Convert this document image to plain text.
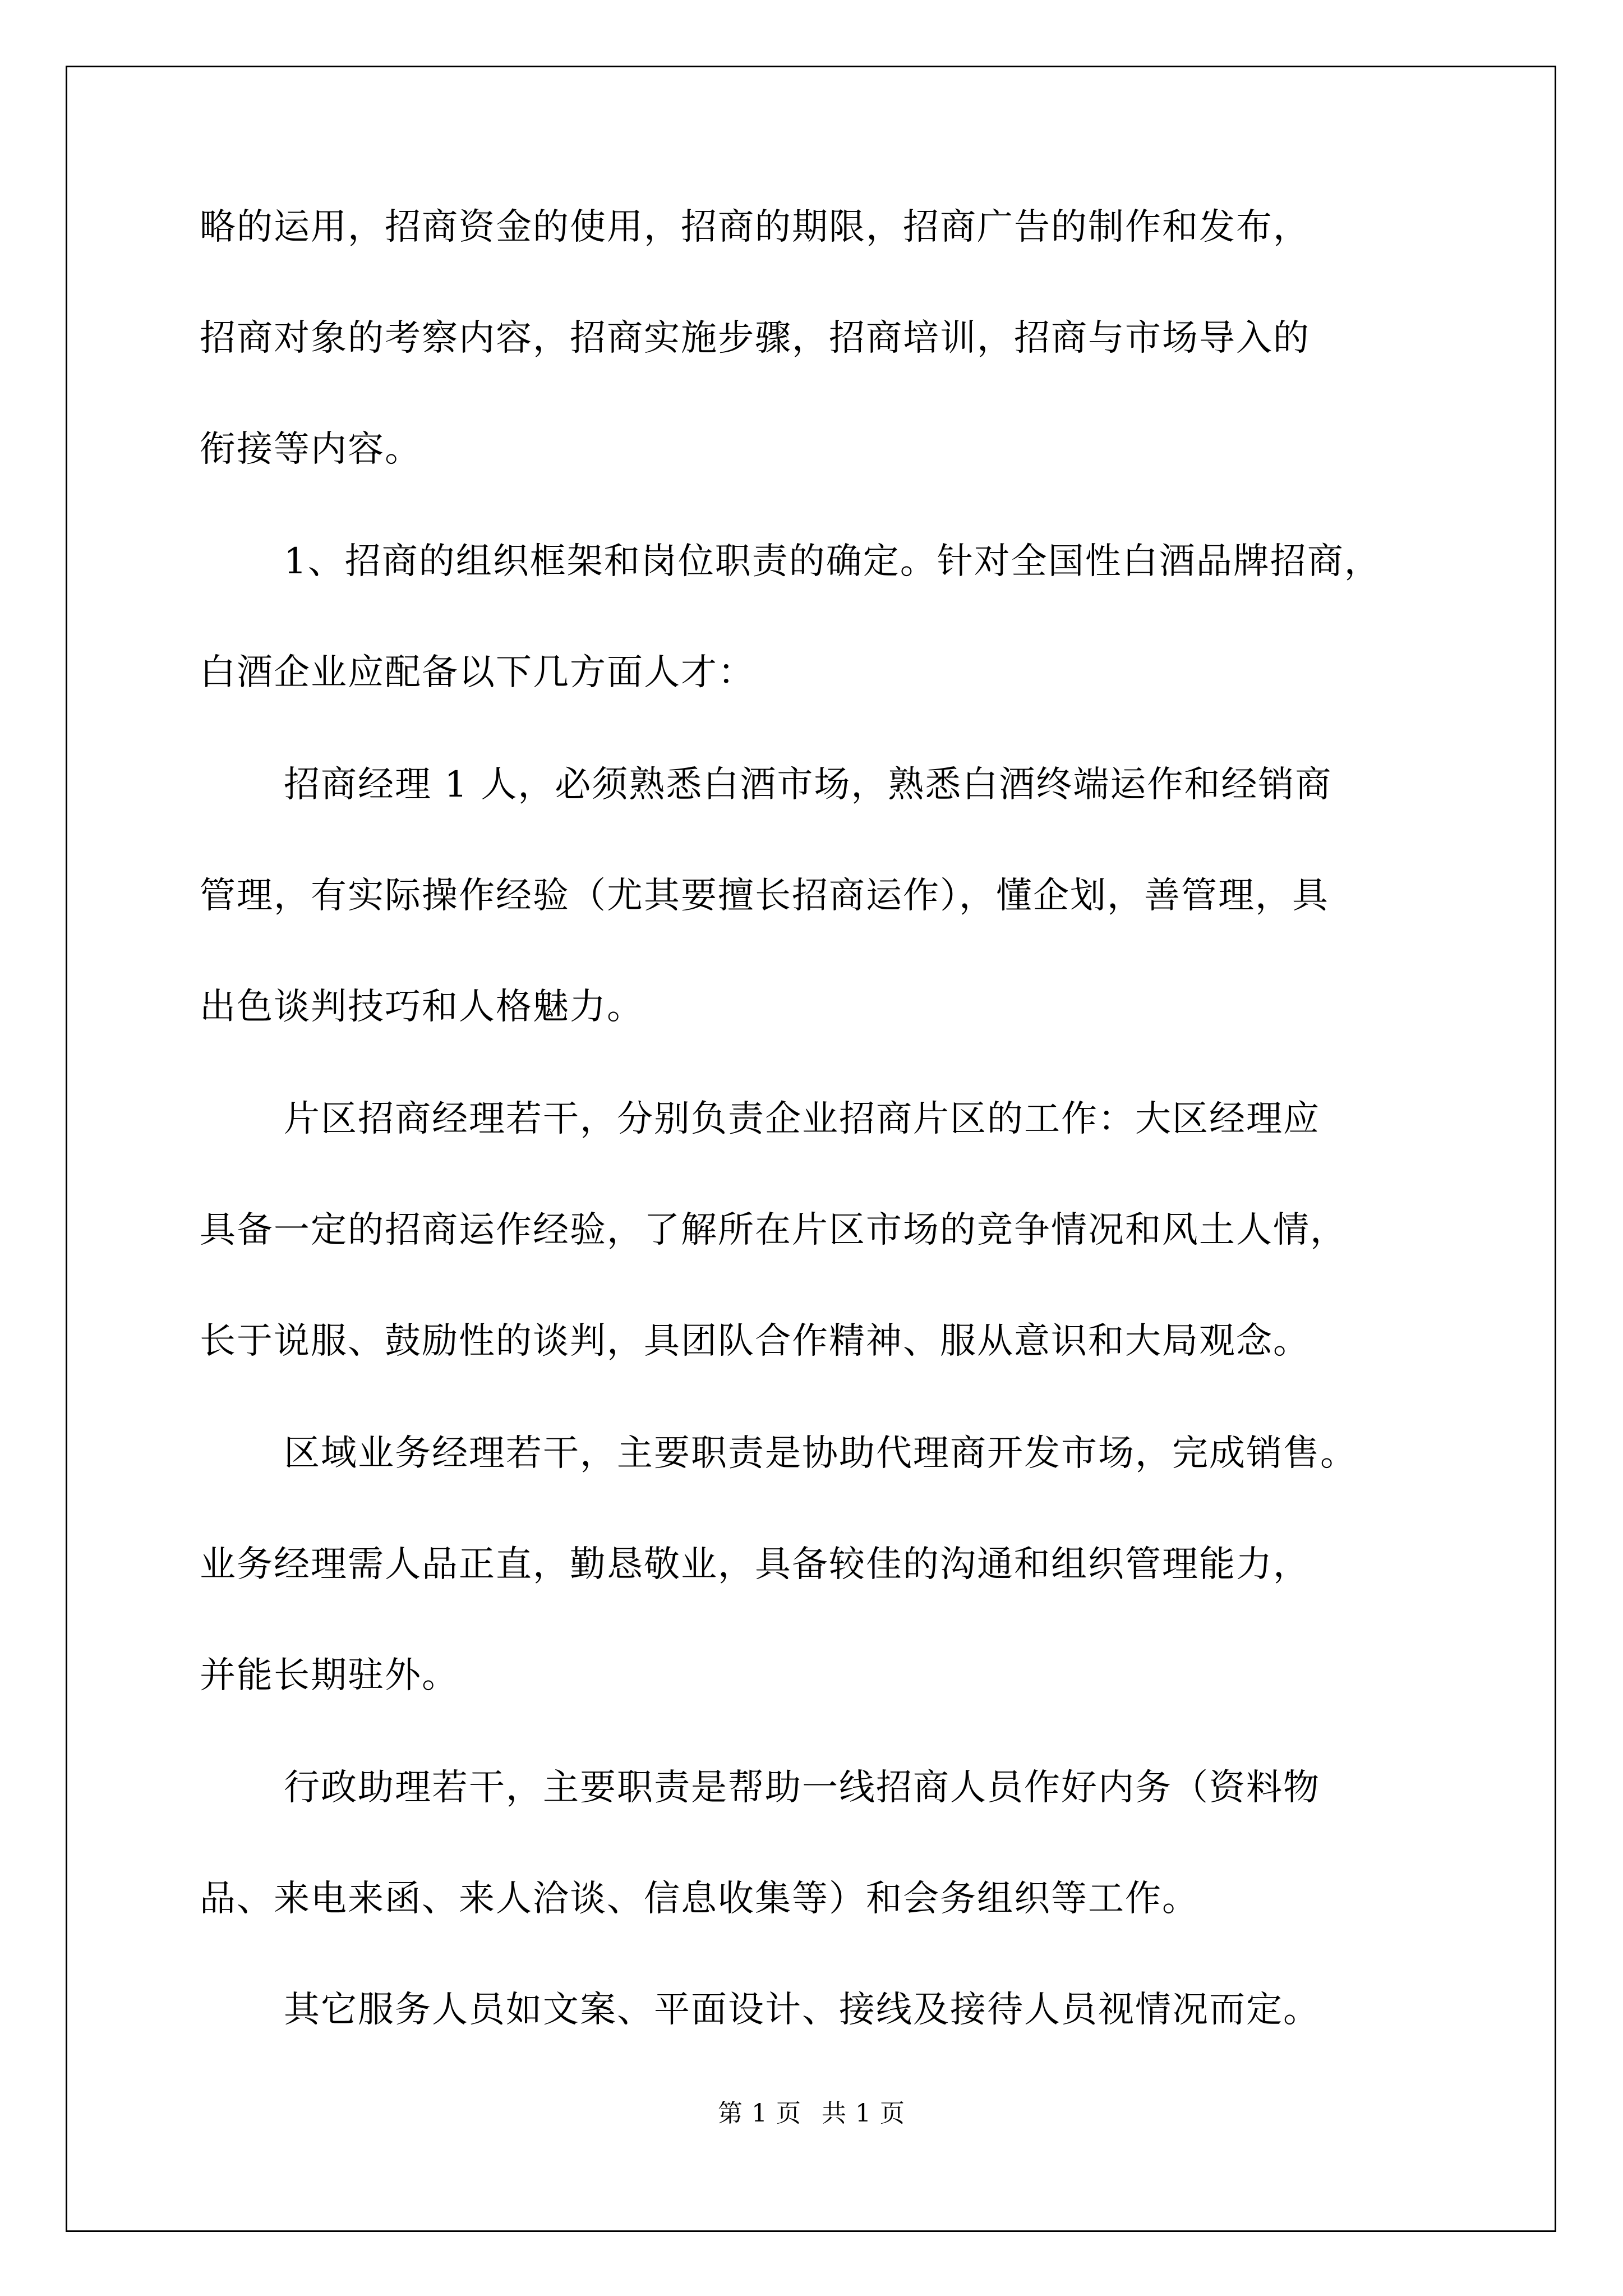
略的运用，招商资金的使用，招商的期限，招商广告的制作和发布，
招商对象的考察内容，招商实施步骤，招商培训，招商与市场导入的
衔接等内容。
1、招商的组织框架和岗位职责的确定。针对全国性白酒品牌招商，
白酒企业应配备以下几方面人才：
招商经理 1 人，必须熟悉白酒市场，熟悉白酒终端运作和经销商
管理，有实际操作经验（尤其要擅长招商运作），懂企划，善管理，具
出色谈判技巧和人格魅力。
片区招商经理若干，分别负责企业招商片区的工作：大区经理应
具备一定的招商运作经验，了解所在片区市场的竞争情况和风土人情，
长于说服、鼓励性的谈判，具团队合作精神、服从意识和大局观念。
区域业务经理若干，主要职责是协助代理商开发市场，完成销售。
业务经理需人品正直，勤恳敬业，具备较佳的沟通和组织管理能力，
并能长期驻外。
行政助理若干，主要职责是帮助一线招商人员作好内务（资料物
品、来电来函、来人洽谈、信息收集等）和会务组织等工作。
其它服务人员如文案、平面设计、接线及接待人员视情况而定。
第 1 页 共 1 页
